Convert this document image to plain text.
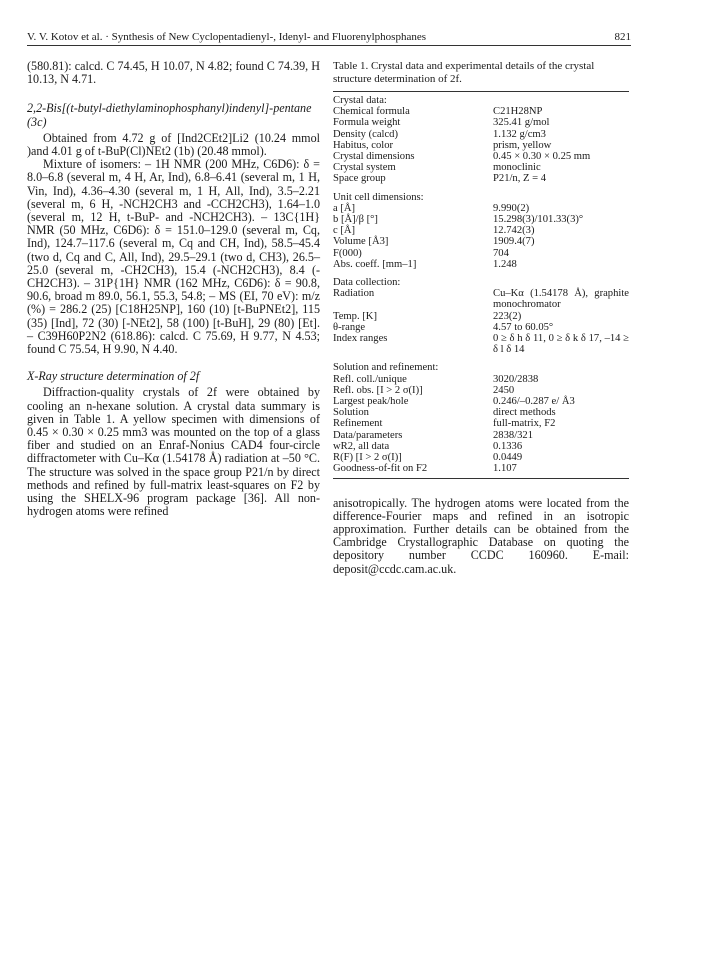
V. V. Kotov et al. · Synthesis of New Cyclopentadienyl-, Idenyl- and Fluorenylphosphanes	821

(580.81): calcd. C 74.45, H 10.07, N 4.82; found C 74.39, H 10.13, N 4.71.

2,2-Bis[(t-butyl-diethylaminophosphanyl)indenyl]-pentane (3c)

Obtained from 4.72 g of [Ind2CEt2]Li2 (10.24 mmol )and 4.01 g of t-BuP(Cl)NEt2 (1b) (20.48 mmol).

Mixture of isomers: – 1H NMR (200 MHz, C6D6): δ = 8.0–6.8 (several m, 4 H, Ar, Ind), 6.8–6.41 (several m, 1 H, Vin, Ind), 4.36–4.30 (several m, 1 H, All, Ind), 3.5–2.21 (several m, 6 H, -NCH2CH3 and -CCH2CH3), 1.64–1.0 (several m, 12 H, t-BuP- and -NCH2CH3). – 13C{1H} NMR (50 MHz, C6D6): δ = 151.0–129.0 (several m, Cq, Ind), 124.7–117.6 (several m, Cq and CH, Ind), 58.5–45.4 (two d, Cq and C, All, Ind), 29.5–29.1 (two d, CH3), 26.5–25.0 (several m, -CH2CH3), 15.4 (-NCH2CH3), 8.4 (-CH2CH3). – 31P{1H} NMR (162 MHz, C6D6): δ = 90.8, 90.6, broad m 89.0, 56.1, 55.3, 54.8; – MS (EI, 70 eV): m/z (%) = 286.2 (25) [C18H25NP], 160 (10) [t-BuPNEt2], 115 (35) [Ind], 72 (30) [-NEt2], 58 (100) [t-BuH], 29 (80) [Et]. – C39H60P2N2 (618.86): calcd. C 75.69, H 9.77, N 4.53; found C 75.54, H 9.90, N 4.40.

X-Ray structure determination of 2f

Diffraction-quality crystals of 2f were obtained by cooling an n-hexane solution. A crystal data summary is given in Table 1. A yellow specimen with dimensions of 0.45 × 0.30 × 0.25 mm3 was mounted on the top of a glass fiber and studied on an Enraf-Nonius CAD4 four-circle diffractometer with Cu–Kα (1.54178 Å) radiation at –50 °C. The structure was solved in the space group P21/n by direct methods and refined by full-matrix least-squares on F2 by using the SHELX-96 program package [36]. All non-hydrogen atoms were refined

Table 1. Crystal data and experimental details of the crystal structure determination of 2f.

Crystal data:	
Chemical formula	C21H28NP
Formula weight	325.41 g/mol
Density (calcd)	1.132 g/cm3
Habitus, color	prism, yellow
Crystal dimensions	0.45 × 0.30 × 0.25 mm
Crystal system	monoclinic
Space group	P21/n, Z = 4
Unit cell dimensions:	
a [Å]	9.990(2)
b [Å]/β [°]	15.298(3)/101.33(3)°
c [Å]	12.742(3)
Volume [Å3]	1909.4(7)
F(000)	704
Abs. coeff. [mm–1]	1.248
Data collection:	
Radiation	Cu–Kα (1.54178 Å), graphite monochromator
Temp. [K]	223(2)
θ-range	4.57 to 60.05°
Index ranges	0 ≥ δ h δ 11, 0 ≥ δ k δ 17, –14 ≥ δ l δ 14
Solution and refinement:	
Refl. coll./unique	3020/2838
Refl. obs. [I > 2 σ(I)]	2450
Largest peak/hole	0.246/–0.287 e/ Å3
Solution	direct methods
Refinement	full-matrix, F2
Data/parameters	2838/321
wR2, all data	0.1336
R(F) [I > 2 σ(I)]	0.0449
Goodness-of-fit on F2	1.107

anisotropically. The hydrogen atoms were located from the difference-Fourier maps and refined in an isotropic approximation. Further details can be obtained from the Cambridge Crystallographic Database on quoting the depository number CCDC 160960. E-mail: deposit@ccdc.cam.ac.uk.
